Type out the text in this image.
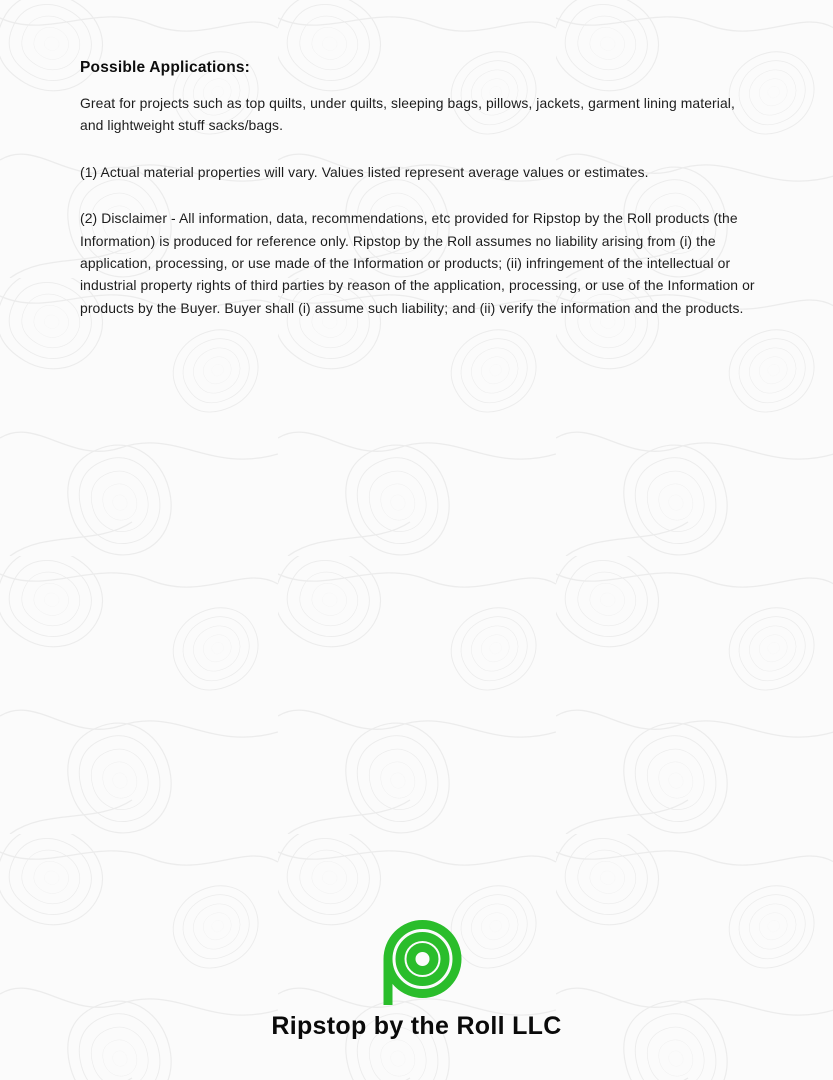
Possible Applications:

Great for projects such as top quilts, under quilts, sleeping bags, pillows, jackets, garment lining material, and lightweight stuff sacks/bags.

(1) Actual material properties will vary. Values listed represent average values or estimates.

(2) Disclaimer - All information, data, recommendations, etc provided for Ripstop by the Roll products (the Information) is produced for reference only. Ripstop by the Roll assumes no liability arising from (i) the application, processing, or use made of the Information or products; (ii) infringement of the intellectual or industrial property rights of third parties by reason of the application, processing, or use of the Information or products by the Buyer. Buyer shall (i) assume such liability; and (ii) verify the information and the products.

Ripstop by the Roll LLC
